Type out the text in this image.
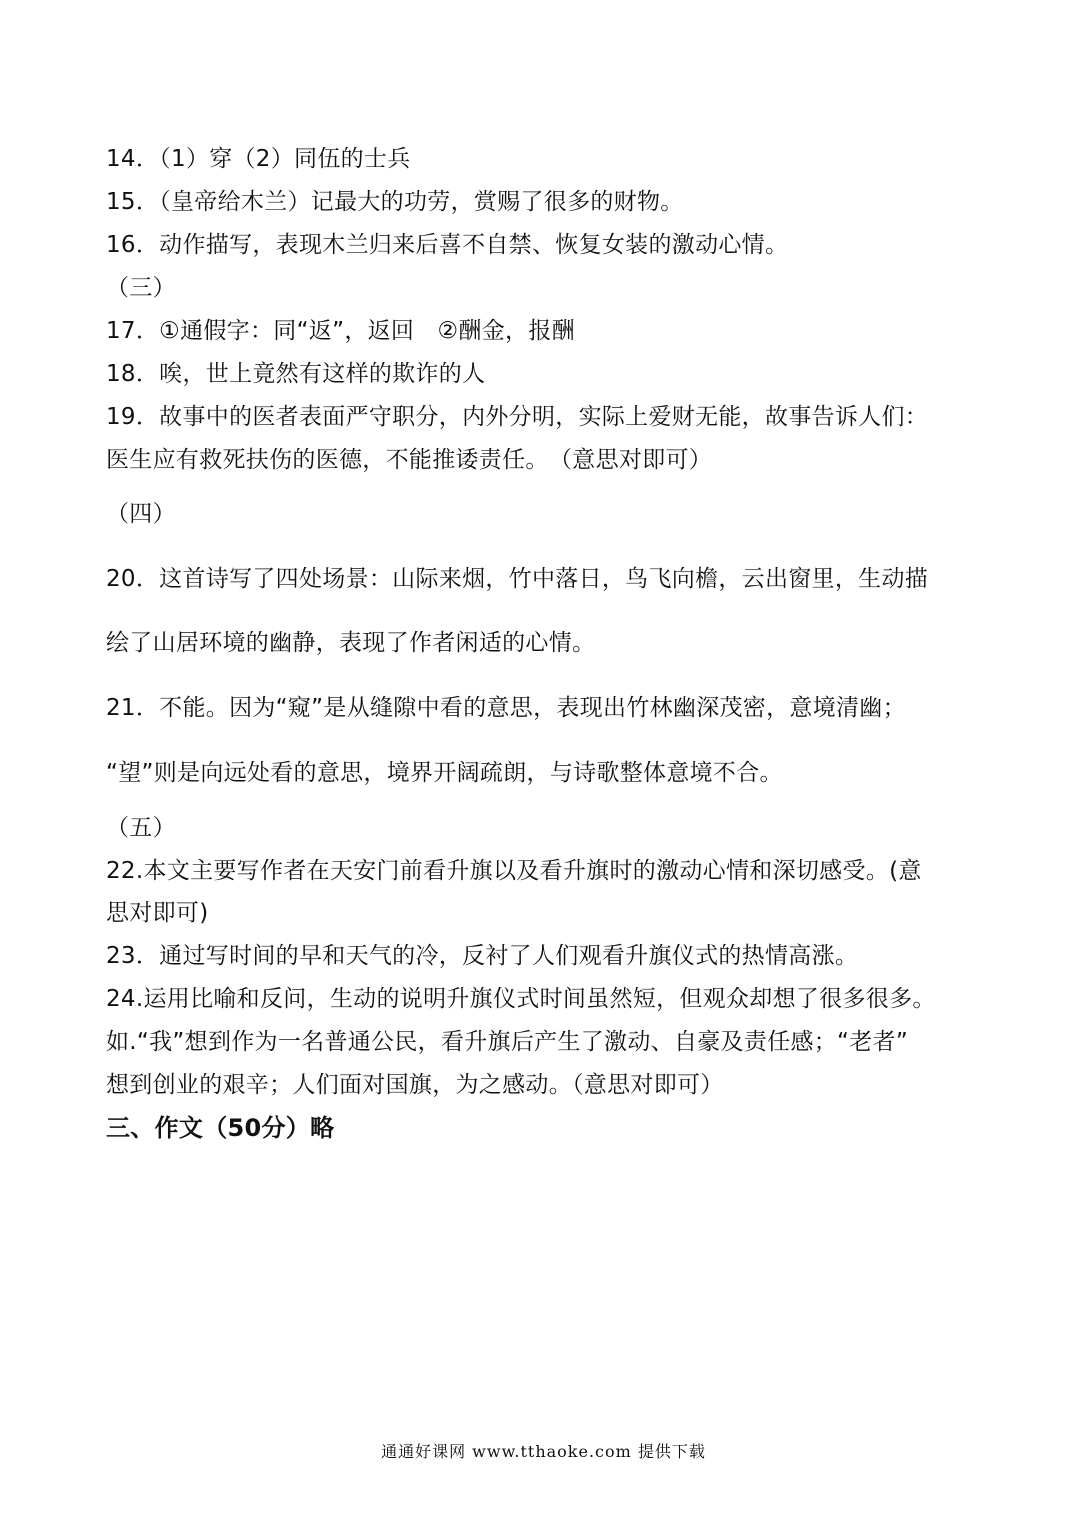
14．（1）穿（2）同伍的士兵
15．（皇帝给木兰）记最大的功劳，赏赐了很多的财物。
16．动作描写，表现木兰归来后喜不自禁、恢复女装的激动心情。
（三）
17．①通假字：同“返”，返回　②酬金，报酬
18．唉，世上竟然有这样的欺诈的人
19．故事中的医者表面严守职分，内外分明，实际上爱财无能，故事告诉人们：
医生应有救死扶伤的医德，不能推诿责任。　（意思对即可）
（四）
20．这首诗写了四处场景：山际来烟，竹中落日，鸟飞向檐，云出窗里，生动描
绘了山居环境的幽静，表现了作者闲适的心情。
21．不能。因为“窥”是从缝隙中看的意思，表现出竹林幽深茂密，意境清幽；
“望”则是向远处看的意思，境界开阔疏朗，与诗歌整体意境不合。
（五）
22.本文主要写作者在天安门前看升旗以及看升旗时的激动心情和深切感受。(意
思对即可)
23．通过写时间的早和天气的冷，反衬了人们观看升旗仪式的热情高涨。
24.运用比喻和反问，生动的说明升旗仪式时间虽然短，但观众却想了很多很多。
如.“我”想到作为一名普通公民，看升旗后产生了激动、自豪及责任感；“老者”
想到创业的艰辛；人们面对国旗，为之感动。（意思对即可）
三、作文（50分）略
通通好课网 www.tthaoke.com 提供下载
